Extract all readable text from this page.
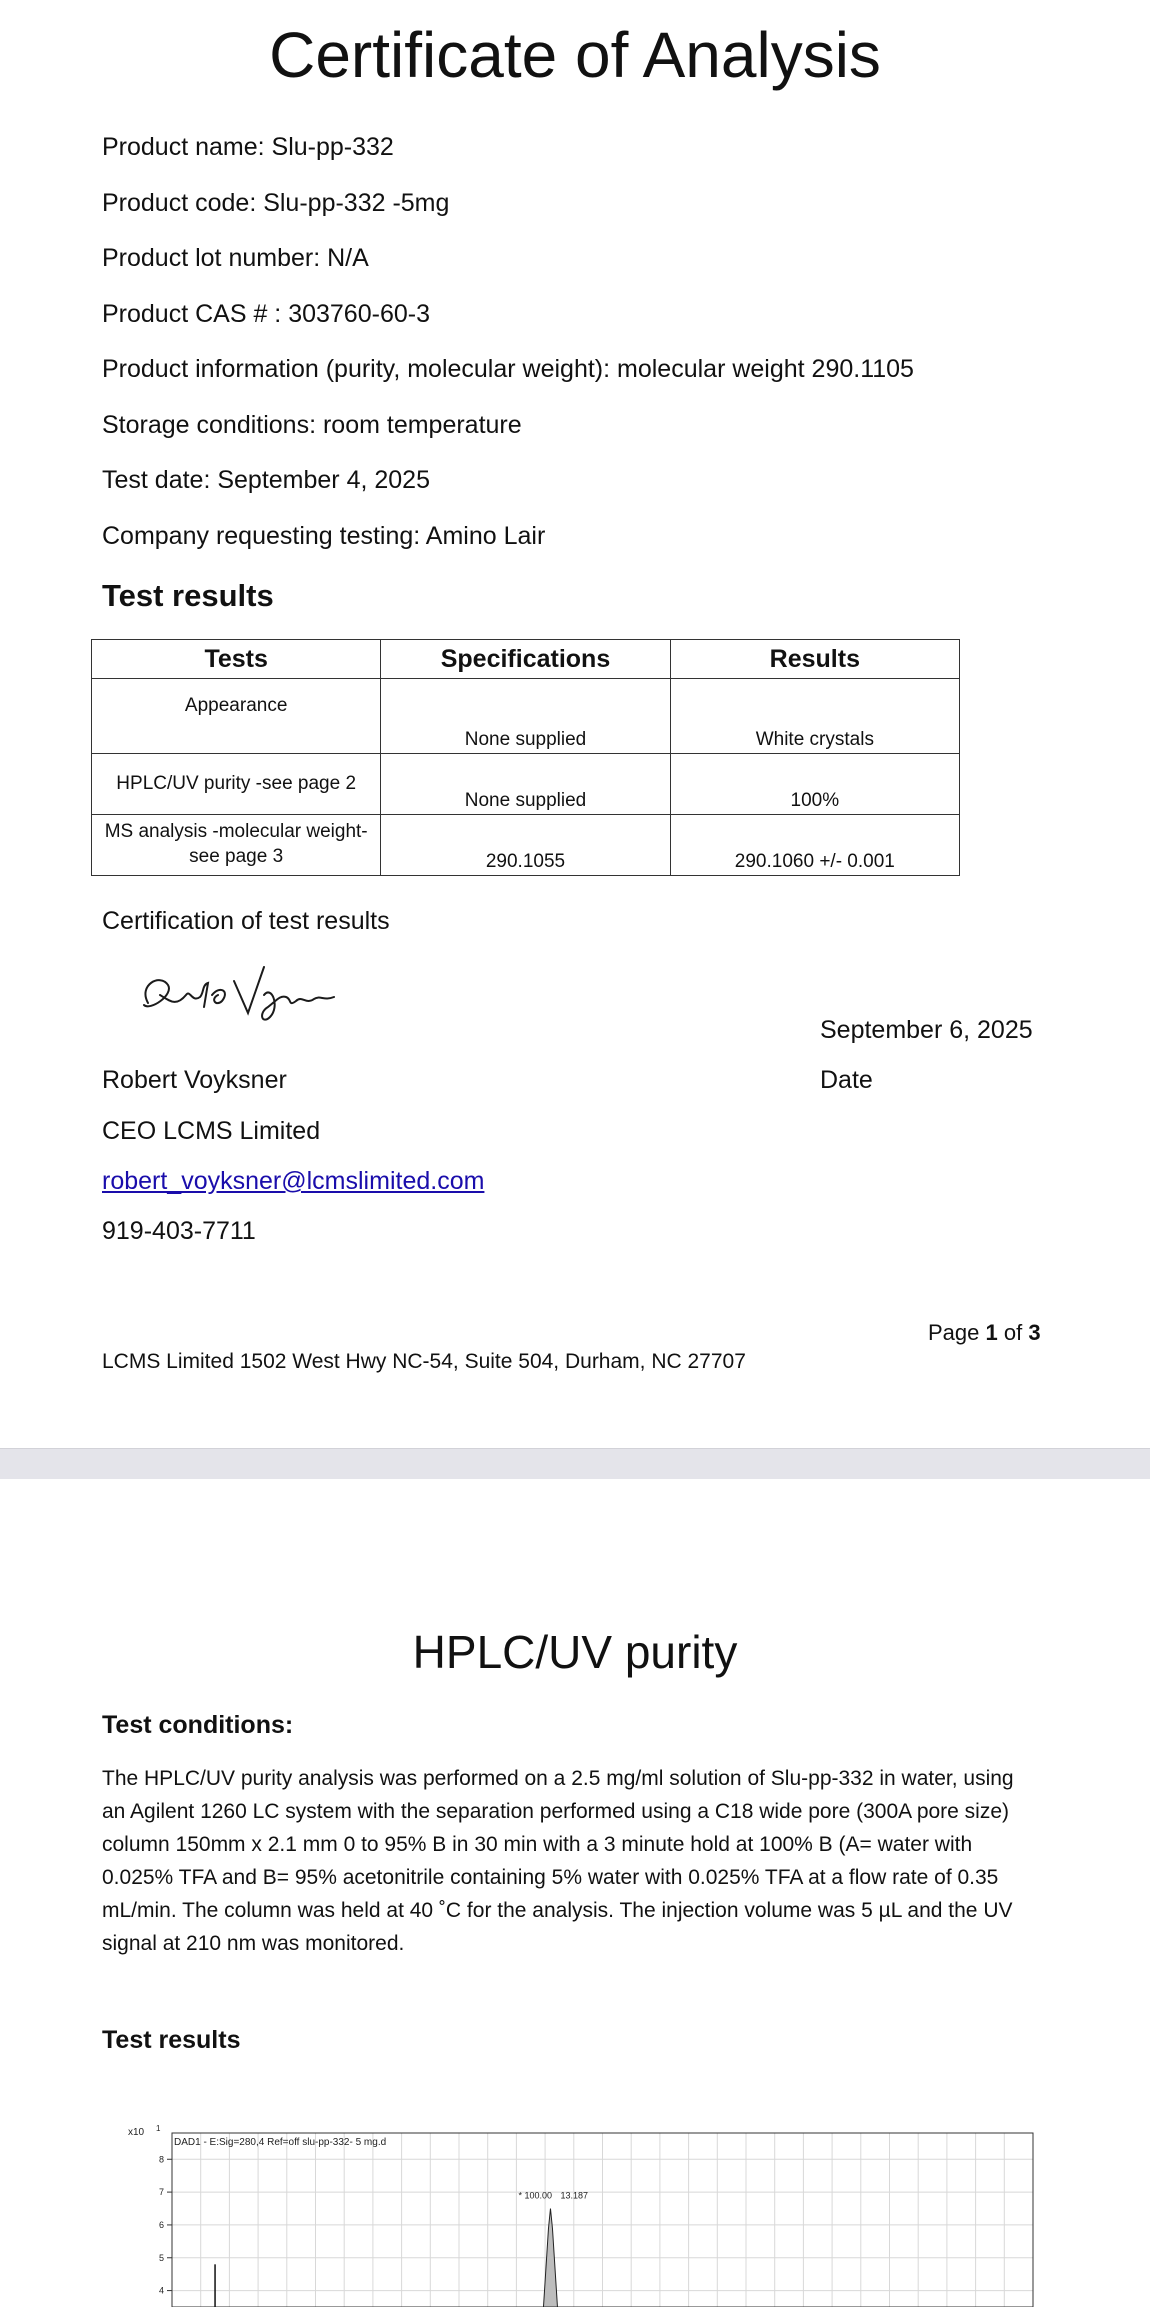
Certificate of Analysis
Product name: Slu-pp-332
Product code: Slu-pp-332 -5mg
Product lot number: N/A
Product CAS # : 303760-60-3
Product information (purity, molecular weight): molecular weight 290.1105
Storage conditions: room temperature
Test date: September 4, 2025
Company requesting testing: Amino Lair
Test results
Tests	Specifications	Results
Appearance	None supplied	White crystals
HPLC/UV purity -see page 2	None supplied	100%
MS analysis -molecular weight- see page 3	290.1055	290.1060 +/- 0.001
Certification of test results
September 6, 2025
Date
Robert Voyksner
CEO LCMS Limited
robert_voyksner@lcmslimited.com
919-403-7711
Page 1 of 3
LCMS Limited 1502 West Hwy NC-54, Suite 504, Durham, NC 27707
HPLC/UV purity
Test conditions:

The HPLC/UV purity analysis was performed on a 2.5 mg/ml solution of Slu-pp-332 in water, using an Agilent 1260 LC system with the separation performed using a C18 wide pore (300A pore size) column 150mm x 2.1 mm 0 to 95% B in 30 min with a 3 minute hold at 100% B (A= water with 0.025% TFA and B= 95% acetonitrile containing 5% water with 0.025% TFA at a flow rate of 0.35 mL/min. The column was held at 40 ˚C for the analysis. The injection volume was 5 µL and the UV signal at 210 nm was monitored.

Test results
8
7
6
5
4
x10 1
DAD1 - E:Sig=280,4 Ref=off slu-pp-332- 5 mg.d
* 100.00 13.187
